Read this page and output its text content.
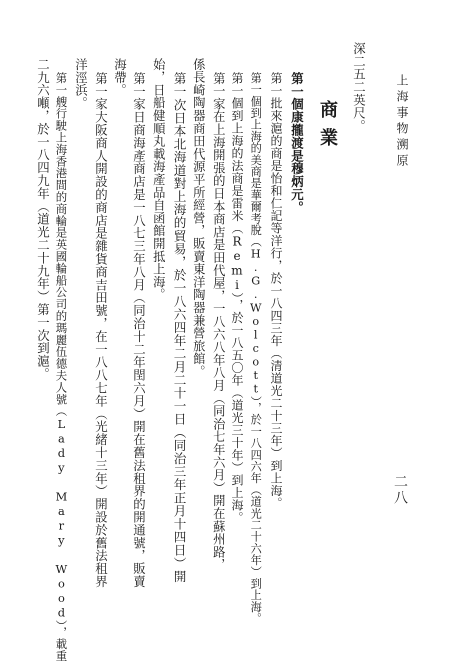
上海事物溯原
二八
深二五二英尺。
商業
第一個康攏渡是穆炳元。
第一批來滬的商是怡和仁記等洋行，於一八四三年（清道光二十三年）到上海。
第一個到上海的美商是華爾考脫（H.G.Wolcott），於一八四六年（道光二十六年）到上海。
第一個到上海的法商是雷米（Remi），於一八五〇年（道光三十年）到上海。
第一家在上海開張的日本商店是田代屋，一八六八年八月（同治七年六月）開在蘇州路，
係長崎陶器商田代源平所經營，販賣東洋陶器兼營旅館。
第一次日本北海道對上海的貿易，於一八六四年二月二十一日（同治三年正月十四日）開
始，日船健順丸載海產品自函館開抵上海。
第一家日商海產商店是一八七三年八月（同治十二年閏六月）開在舊法租界的開通號，販賣
海帶。
第一家大阪商人開設的商店是雜貨商吉田號，在一八八七年（光緒十三年）開設於舊法租界
洋涇浜。
第一艘行駛上海香港間的商輪是英國輪船公司的瑪麗伍德夫人號（Lady Mary Wood），載重
二九六噸，於一八四九年（道光二十九年）第一次到滬。
